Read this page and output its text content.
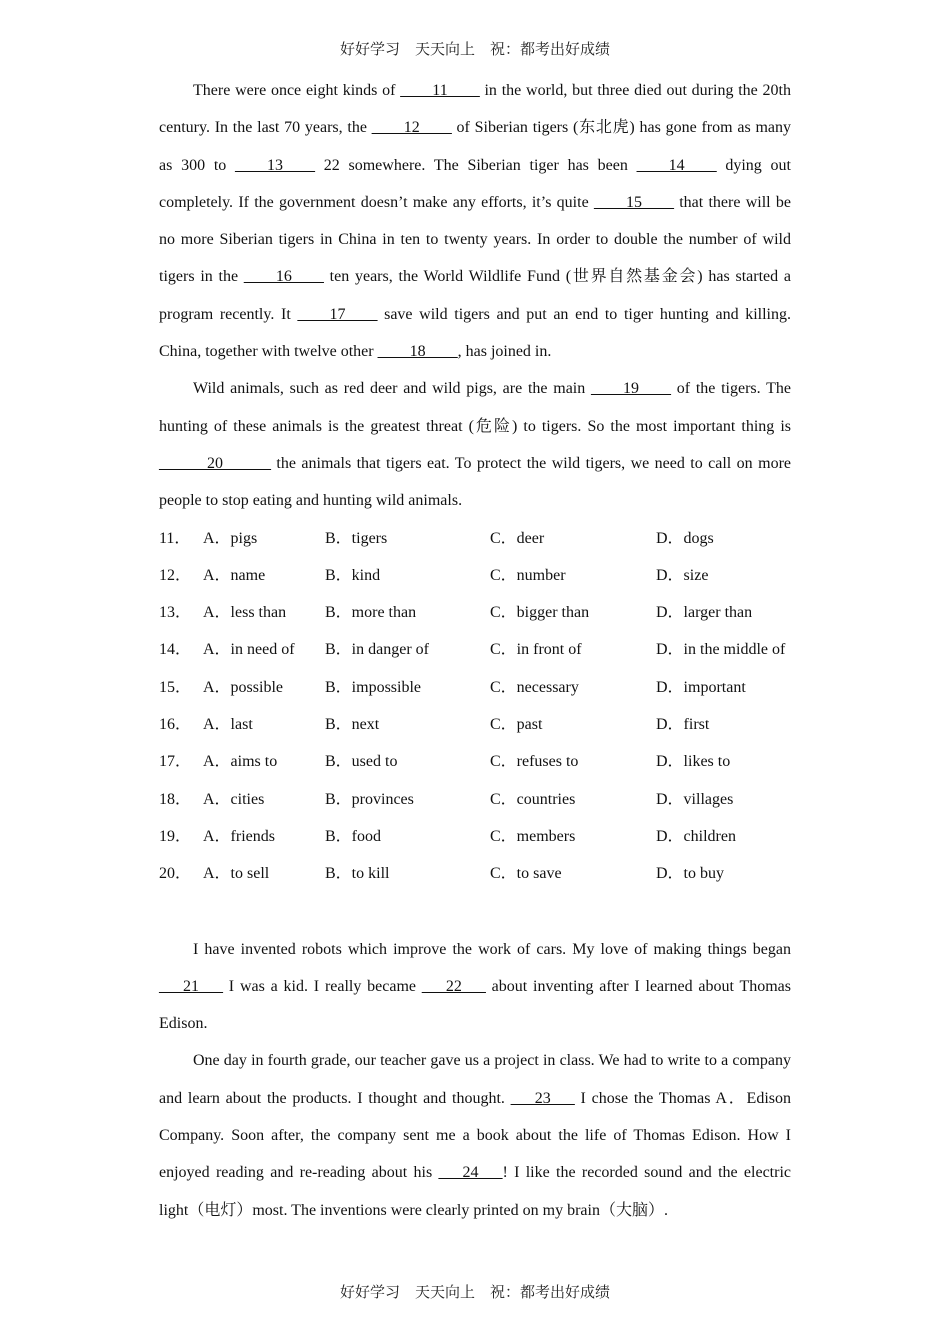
好好学习　天天向上　祝：都考出好成绩

There were once eight kinds of ____11____ in the world, but three died out during the 20th century. In the last 70 years, the ____12____ of Siberian tigers (东北虎) has gone from as many as 300 to ____13____ 22 somewhere. The Siberian tiger has been ____14____ dying out completely. If the government doesn’t make any efforts, it’s quite ____15____ that there will be no more Siberian tigers in China in ten to twenty years. In order to double the number of wild tigers in the ____16____ ten years, the World Wildlife Fund (世界自然基金会) has started a program recently. It ____17____ save wild tigers and put an end to tiger hunting and killing. China, together with twelve other ____18____, has joined in.

Wild animals, such as red deer and wild pigs, are the main ____19____ of the tigers. The hunting of these animals is the greatest threat (危险) to tigers. So the most important thing is ______20______ the animals that tigers eat. To protect the wild tigers, we need to call on more people to stop eating and hunting wild animals.

11． A．pigs	B．tigers	C．deer	D．dogs
12． A．name	B．kind	C．number	D．size
13． A．less than B．more than	C．bigger than	D．larger than
14． A．in need of B．in danger of	C．in front of	D．in the middle of
15． A．possible	B．impossible	C．necessary	D．important
16． A．last	B．next	C．past	D．first
17． A．aims to	B．used to	C．refuses to	D．likes to
18． A．cities	B．provinces	C．countries	D．villages
19． A．friends	B．food	C．members	D．children
20． A．to sell	B．to kill	C．to save	D．to buy

I have invented robots which improve the work of cars. My love of making things began ___21___ I was a kid. I really became ___22___ about inventing after I learned about Thomas Edison.

One day in fourth grade, our teacher gave us a project in class. We had to write to a company and learn about the products. I thought and thought. ___23___ I chose the Thomas A．Edison Company. Soon after, the company sent me a book about the life of Thomas Edison. How I enjoyed reading and re-reading about his ___24___! I like the recorded sound and the electric light（电灯）most. The inventions were clearly printed on my brain（大脑）.

好好学习　天天向上　祝：都考出好成绩
